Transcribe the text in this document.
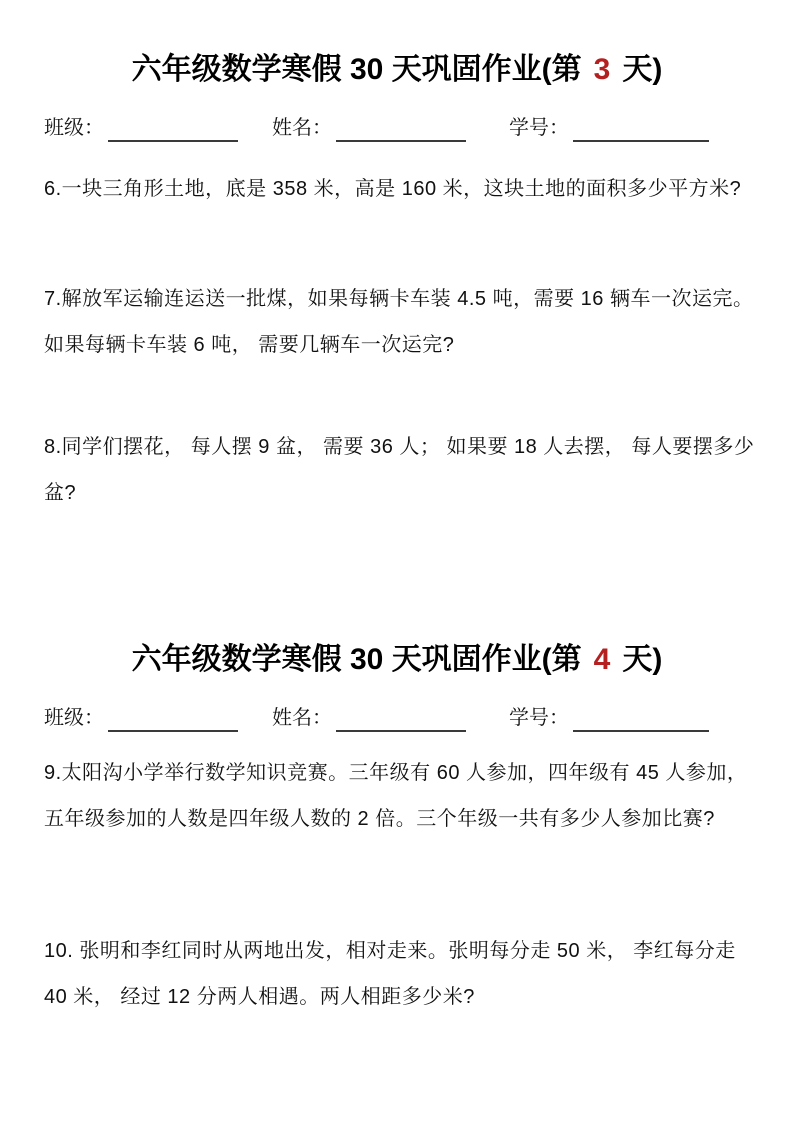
六年级数学寒假 30 天巩固作业(第 3 天)
班级：	姓名：	学号：
6.一块三角形土地，底是 358 米，高是 160 米，这块土地的面积多少平方米?
7.解放军运输连运送一批煤，如果每辆卡车装 4.5 吨，需要 16 辆车一次运完。
如果每辆卡车装 6 吨， 需要几辆车一次运完?
8.同学们摆花， 每人摆 9 盆， 需要 36 人； 如果要 18 人去摆， 每人要摆多少
盆?
六年级数学寒假 30 天巩固作业(第 4 天)
班级：	姓名：	学号：
9.太阳沟小学举行数学知识竞赛。三年级有 60 人参加，四年级有 45 人参加，
五年级参加的人数是四年级人数的 2 倍。三个年级一共有多少人参加比赛?
10. 张明和李红同时从两地出发，相对走来。张明每分走 50 米， 李红每分走
40 米， 经过 12 分两人相遇。两人相距多少米?
